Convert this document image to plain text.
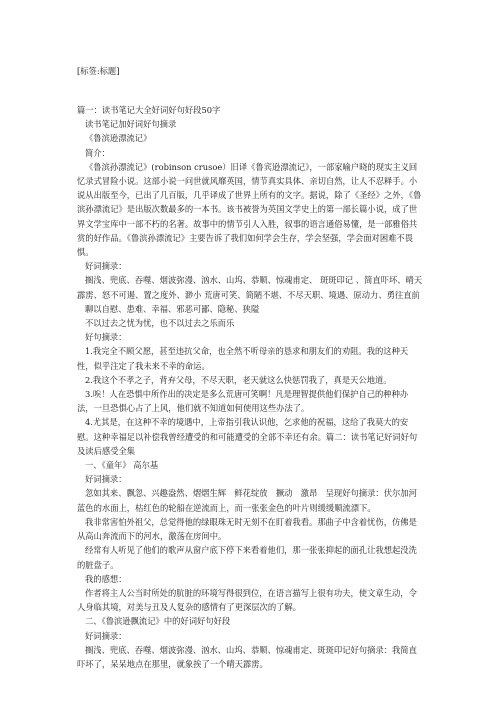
[标签:标题]

篇一：读书笔记大全好词好句好段50字

读书笔记加好词好句摘录

《鲁滨逊漂流记》

简介：

《鲁滨孙漂流记》(robinson crusoe）旧译《鲁宾逊漂流记》，一部家喻户晓的现实主义回忆录式冒险小说。这部小说一问世就风靡英国，情节真实具体、亲切自然，让人不忍释手。小说从出版至今，已出了几百版，几乎译成了世界上所有的文字。据说，除了《圣经》之外，《鲁滨孙漂流记》是出版次数最多的一本书。该书被誉为英国文学史上的第一部长篇小说，成了世界文学宝库中一部不朽的名著。故事中的情节引人入胜，叙事的语言通俗易懂，是一部雅俗共赏的好作品。《鲁滨孙漂流记》主要告诉了我们如何学会生存，学会坚强，学会面对困难不畏惧。

好词摘录：

搁浅、兜底、吞噬、烟波弥漫、汹水、山坞、恭顺、惊魂甫定、 斑斑印记 、简直吓坏、晴天霹雳、怒不可遏、置之度外、渺小 荒唐可笑、简陋不堪、不尽天职、境遇、原动力、勇往直前

聊以自慰、患难、幸福、邪恶可鄙、隐秘、狭隘

不以过去之忧为忧，也不以过去之乐而乐

好句摘录：

1.我完全不顾父愿，甚至违抗父命，也全然不听母亲的恳求和朋友们的劝阻。我的这种天性，似乎注定了我未来不幸的命运。

2.我这个不孝之子，背弃父母，不尽天职，老天就这么快惩罚我了，真是天公地道。

3.唉！人在恐惧中所作出的决定是多么荒唐可笑啊！凡是理智提供他们保护自己的种种办法，一旦恐惧心占了上风，他们就不知道如何使用这些办法了。

4.尤其是，在这种不幸的境遇中，上帝指引我认识他，乞求他的祝福，这给了我莫大的安慰。这种幸福足以补偿我曾经遭受的和可能遭受的全部不幸还有余。篇二：读书笔记好词好句及读后感受全集

一、《童年》 高尔基

好词摘录：

忽如其来、飘忽、兴趣盎然、熠熠生辉　鲜花绽放　撅动　激昂　呈现好句摘录：伏尔加河蓝色的水面上，枯红色的轮船在逆流而上，而一张张金色的叶片则缓缓顺流漂下。

我非常害怕外祖父，总觉得他的绿眼珠无时无刻不在盯着我看。那曲子中含着忧伤，仿佛是从高山奔流而下的河水，激荡在房间中。

经常有人听见了他们的歌声从窗户底下停下来看着他们，那一张张抑起的面孔让我想起没洗的脏盘子。

我的感想：

作者将主人公当时所处的肮脏的环境写得很到位，在语言描写上很有功夫，使文章生动，令人身临其境，对美与丑及人复杂的感情有了更深层次的了解。

二、《鲁滨逊飘流记》中的好词好句好段

好词摘录：

搁浅、兜底、吞噬、烟波弥漫、汹水、山坞、恭顺、惊魂甫定、斑斑印记好句摘录：我简直吓坏了，呆呆地点在那里，就象挨了一个晴天霹雳。
